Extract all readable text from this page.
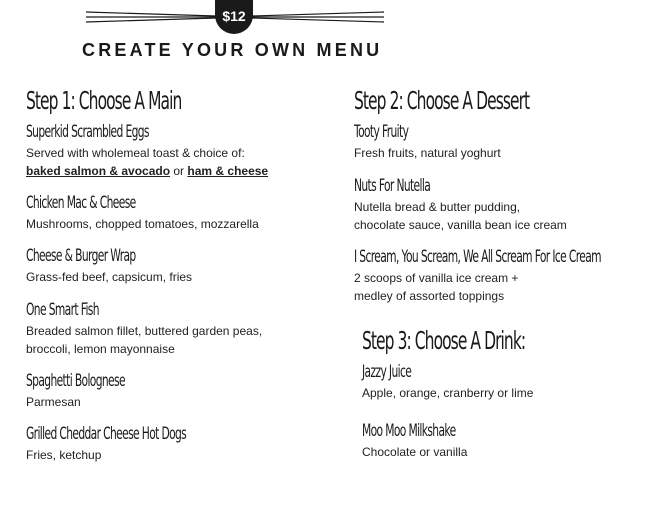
$12
CREATE YOUR OWN MENU
Step 1: Choose A Main
Superkid Scrambled Eggs

Served with wholemeal toast & choice of:

baked salmon & avocado or ham & cheese

Chicken Mac & Cheese

Mushrooms, chopped tomatoes, mozzarella

Cheese & Burger Wrap

Grass-fed beef, capsicum, fries

One Smart Fish

Breaded salmon fillet, buttered garden peas,

broccoli, lemon mayonnaise

Spaghetti Bolognese

Parmesan

Grilled Cheddar Cheese Hot Dogs

Fries, ketchup

Step 2: Choose A Dessert
Tooty Fruity

Fresh fruits, natural yoghurt

Nuts For Nutella

Nutella bread & butter pudding,

chocolate sauce, vanilla bean ice cream

I Scream, You Scream, We All Scream For Ice Cream

2 scoops of vanilla ice cream +

medley of assorted toppings

Step 3: Choose A Drink:
Jazzy Juice

Apple, orange, cranberry or lime

Moo Moo Milkshake

Chocolate or vanilla
